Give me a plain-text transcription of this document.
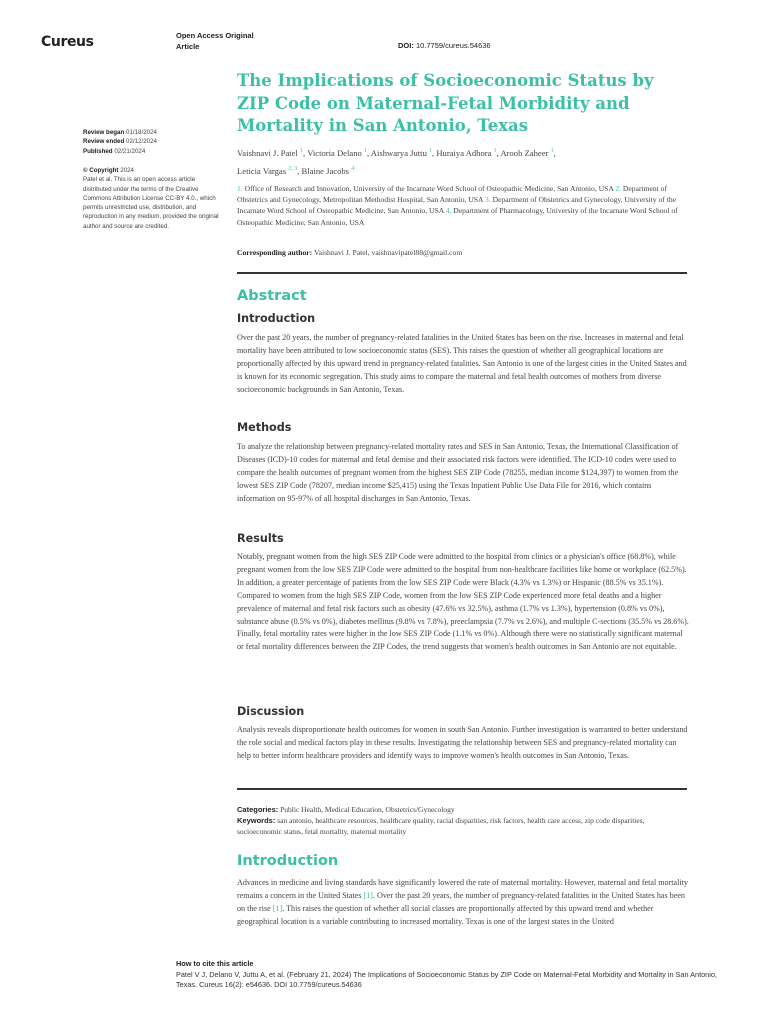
Cureus	Open Access Original Article	DOI: 10.7759/cureus.54636
Review began 01/18/2024
Review ended 02/12/2024
Published 02/21/2024
© Copyright 2024
Patel et al. This is an open access article distributed under the terms of the Creative Commons Attribution License CC-BY 4.0., which permits unrestricted use, distribution, and reproduction in any medium, provided the original author and source are credited.
The Implications of Socioeconomic Status by ZIP Code on Maternal-Fetal Morbidity and Mortality in San Antonio, Texas
Vaishnavi J. Patel $^1$, Victoria Delano $^1$, Aishwarya Juttu $^1$, Huraiya Adhora $^1$, Aroob Zaheer $^1$,
Leticia Vargas $^{2, 3}$, Blaine Jacobs $^4$
1. Office of Research and Innovation, University of the Incarnate Word School of Osteopathic Medicine, San Antonio, USA 2. Department of Obstetrics and Gynecology, Metropolitan Methodist Hospital, San Antonio, USA 3. Department of Obstetrics and Gynecology, University of the Incarnate Word School of Osteopathic Medicine, San Antonio, USA 4. Department of Pharmacology, University of the Incarnate Word School of Osteopathic Medicine, San Antonio, USA
Corresponding author: Vaishnavi J. Patel, vaishnavipatel88@gmail.com
Abstract
Introduction
Over the past 20 years, the number of pregnancy-related fatalities in the United States has been on the rise. Increases in maternal and fetal mortality have been attributed to low socioeconomic status (SES). This raises the question of whether all geographical locations are proportionally affected by this upward trend in pregnancy-related fatalities. San Antonio is one of the largest cities in the United States and is known for its economic segregation. This study aims to compare the maternal and fetal health outcomes of mothers from diverse socioeconomic backgrounds in San Antonio, Texas.
Methods
To analyze the relationship between pregnancy-related mortality rates and SES in San Antonio, Texas, the International Classification of Diseases (ICD)-10 codes for maternal and fetal demise and their associated risk factors were identified. The ICD-10 codes were used to compare the health outcomes of pregnant women from the highest SES ZIP Code (78255, median income $124,397) to women from the lowest SES ZIP Code (78207, median income $25,415) using the Texas Inpatient Public Use Data File for 2016, which contains information on 95-97% of all hospital discharges in San Antonio, Texas.
Results
Notably, pregnant women from the high SES ZIP Code were admitted to the hospital from clinics or a physician's office (68.8%), while pregnant women from the low SES ZIP Code were admitted to the hospital from non-healthcare facilities like home or workplace (62.5%). In addition, a greater percentage of patients from the low SES ZIP Code were Black (4.3% vs 1.3%) or Hispanic (88.5% vs 35.1%). Compared to women from the high SES ZIP Code, women from the low SES ZIP Code experienced more fetal deaths and a higher prevalence of maternal and fetal risk factors such as obesity (47.6% vs 32.5%), asthma (1.7% vs 1.3%), hypertension (0.8% vs 0%), substance abuse (0.5% vs 0%), diabetes mellitus (9.8% vs 7.8%), preeclampsia (7.7% vs 2.6%), and multiple C-sections (35.5% vs 28.6%). Finally, fetal mortality rates were higher in the low SES ZIP Code (1.1% vs 0%). Although there were no statistically significant maternal or fetal mortality differences between the ZIP Codes, the trend suggests that women's health outcomes in San Antonio are not equitable.
Discussion
Analysis reveals disproportionate health outcomes for women in south San Antonio. Further investigation is warranted to better understand the role social and medical factors play in these results. Investigating the relationship between SES and pregnancy-related mortality can help to better inform healthcare providers and identify ways to improve women's health outcomes in San Antonio, Texas.
Categories: Public Health, Medical Education, Obstetrics/Gynecology
Keywords: san antonio, healthcare resources, healthcare quality, racial disparities, risk factors, health care access, zip code disparities, socioeconomic status, fetal mortality, maternal mortality
Introduction
Advances in medicine and living standards have significantly lowered the rate of maternal mortality. However, maternal and fetal mortality remains a concern in the United States [1]. Over the past 20 years, the number of pregnancy-related fatalities in the United States has been on the rise [1]. This raises the question of whether all social classes are proportionally affected by this upward trend and whether geographical location is a variable contributing to increased mortality. Texas is one of the largest states in the United
How to cite this article
Patel V J, Delano V, Juttu A, et al. (February 21, 2024) The Implications of Socioeconomic Status by ZIP Code on Maternal-Fetal Morbidity and Mortality in San Antonio, Texas. Cureus 16(2): e54636. DOI 10.7759/cureus.54636
